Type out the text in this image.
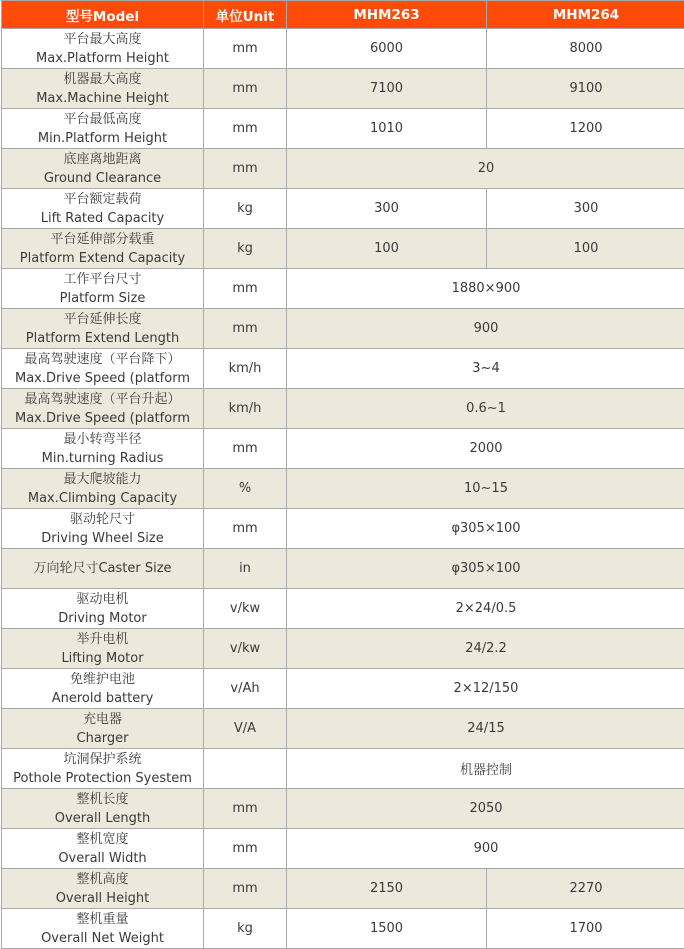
型号Model	单位Unit	MHM263	MHM264

平台最大高度
Max.Platform Height	mm	6000	8000

机器最大高度
Max.Machine Height	mm	7100	9100

平台最低高度
Min.Platform Height	mm	1010	1200

底座离地距离
Ground Clearance	mm	20	

平台额定载荷
Lift Rated Capacity	kg	300	300

平台延伸部分载重
Platform Extend Capacity	kg	100	100

工作平台尺寸
Platform Size	mm	1880×900	

平台延伸长度
Platform Extend Length	mm	900	

最高驾驶速度（平台降下）
Max.Drive Speed (platform	km/h	3~4	

最高驾驶速度（平台升起）
Max.Drive Speed (platform	km/h	0.6~1	

最小转弯半径
Min.turning Radius	mm	2000	

最大爬坡能力
Max.Climbing Capacity	%	10~15	

驱动轮尺寸
Driving Wheel Size	mm	φ305×100	
万向轮尺寸Caster Size	in	φ305×100	

驱动电机
Driving Motor	v/kw	2×24/0.5	

举升电机
Lifting Motor	v/kw	24/2.2	

免维护电池
Anerold battery	v/Ah	2×12/150	

充电器
Charger	V/A	24/15	

坑洞保护系统
Pothole Protection Syestem		机器控制	

整机长度
Overall Length	mm	2050	

整机宽度
Overall Width	mm	900	

整机高度
Overall Height	mm	2150	2270

整机重量
Overall Net Weight	kg	1500	1700
